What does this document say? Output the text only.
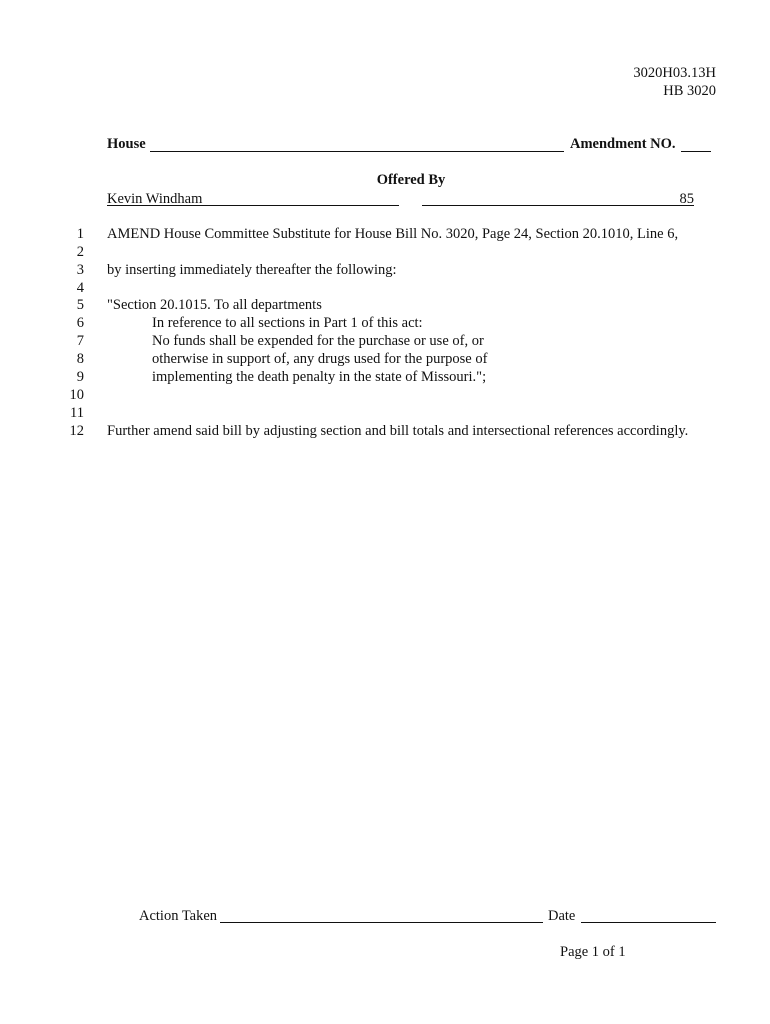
3020H03.13H
HB 3020
House	Amendment NO.
Offered By
Kevin Windham	85
1 AMEND House Committee Substitute for House Bill No. 3020, Page 24, Section 20.1010, Line 6,
2
3 by inserting immediately thereafter the following:
4
5 "Section 20.1015. To all departments
6	In reference to all sections in Part 1 of this act:
7	No funds shall be expended for the purchase or use of, or
8	otherwise in support of, any drugs used for the purpose of
9	implementing the death penalty in the state of Missouri.";
10
11
12 Further amend said bill by adjusting section and bill totals and intersectional references accordingly.
Action Taken	Date
Page 1 of 1
